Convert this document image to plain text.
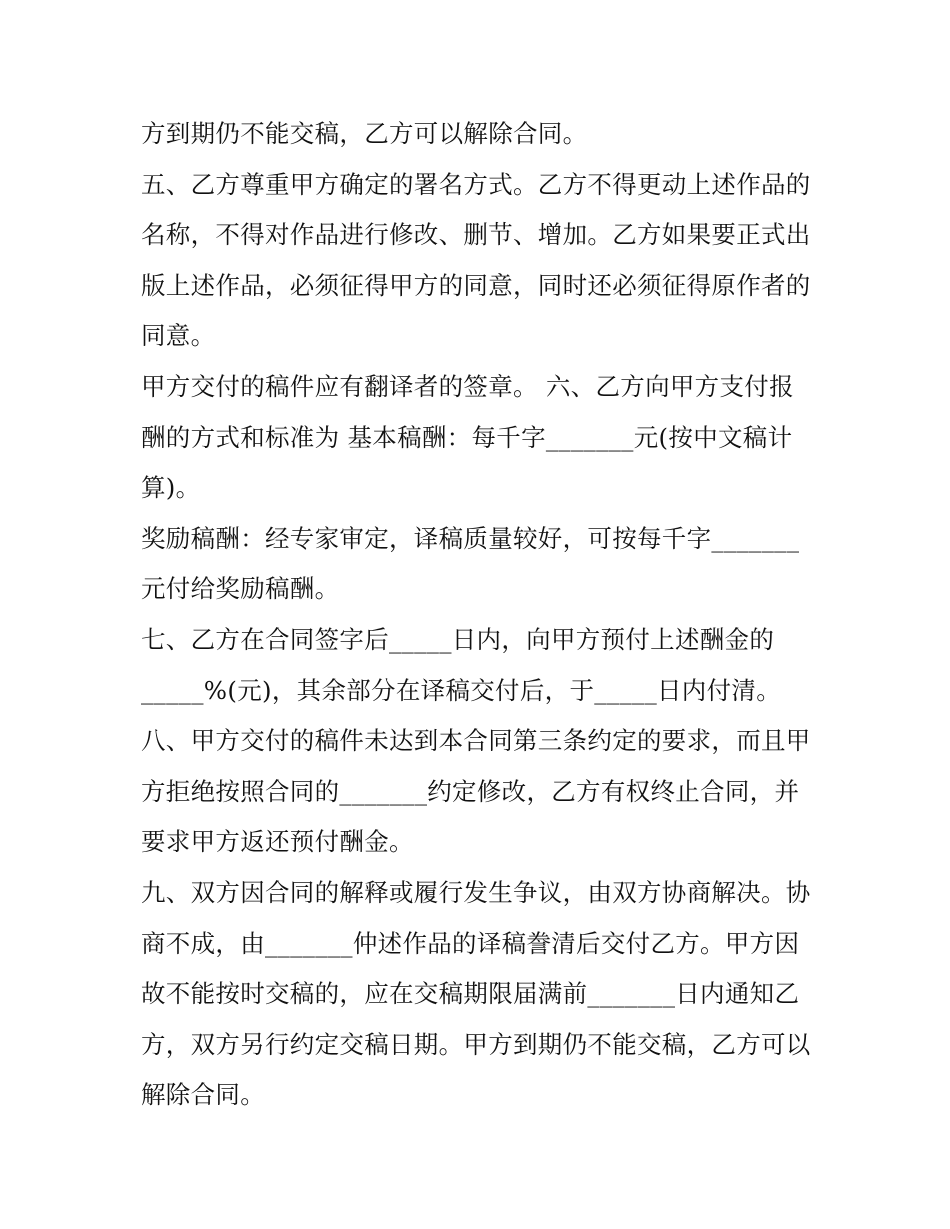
方到期仍不能交稿，乙方可以解除合同。
五、乙方尊重甲方确定的署名方式。乙方不得更动上述作品的
名称，不得对作品进行修改、删节、增加。乙方如果要正式出
版上述作品，必须征得甲方的同意，同时还必须征得原作者的
同意。
甲方交付的稿件应有翻译者的签章。 六、乙方向甲方支付报
酬的方式和标准为 基本稿酬：每千字_______元(按中文稿计
算)。
奖励稿酬：经专家审定，译稿质量较好，可按每千字_______
元付给奖励稿酬。
七、乙方在合同签字后_____日内，向甲方预付上述酬金的
_____%(元)，其余部分在译稿交付后，于_____日内付清。
八、甲方交付的稿件未达到本合同第三条约定的要求，而且甲
方拒绝按照合同的_______约定修改，乙方有权终止合同，并
要求甲方返还预付酬金。
九、双方因合同的解释或履行发生争议，由双方协商解决。协
商不成，由_______仲述作品的译稿誊清后交付乙方。甲方因
故不能按时交稿的，应在交稿期限届满前_______日内通知乙
方，双方另行约定交稿日期。甲方到期仍不能交稿，乙方可以
解除合同。
